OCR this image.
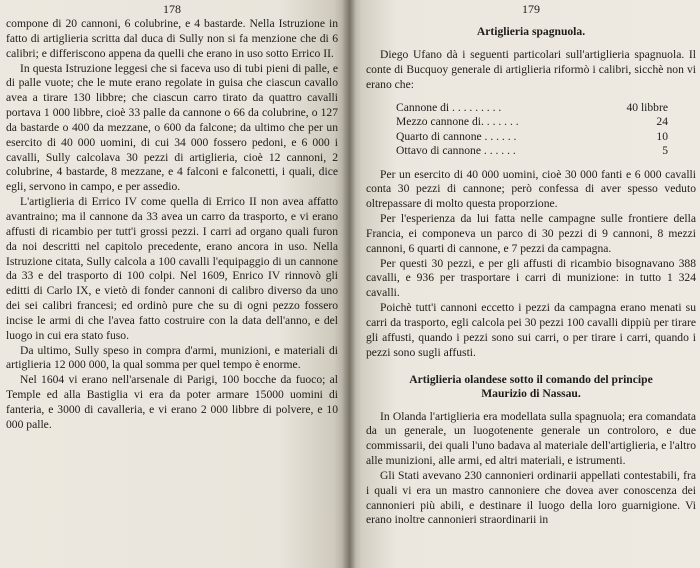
178

compone di 20 cannoni, 6 colubrine, e 4 bastarde. Nella Istruzione in fatto di artiglieria scritta dal duca di Sully non si fa menzione che di 6 calibri; e differiscono appena da quelli che erano in uso sotto Errico II.

In questa Istruzione leggesi che si faceva uso di tubi pieni di palle, e di palle vuote; che le mute erano regolate in guisa che ciascun cavallo avea a tirare 130 libbre; che ciascun carro tirato da quattro cavalli portava 1 000 libbre, cioè 33 palle da cannone o 66 da colubrine, o 127 da bastarde o 400 da mezzane, o 600 da falcone; da ultimo che per un esercito di 40 000 uomini, di cui 34 000 fossero pedoni, e 6 000 i cavalli, Sully calcolava 30 pezzi di artiglieria, cioè 12 cannoni, 2 colubrine, 4 bastarde, 8 mezzane, e 4 falconi e falconetti, i quali, dice egli, servono in campo, e per assedio.

L'artiglieria di Errico IV come quella di Errico II non avea affatto avantraino; ma il cannone da 33 avea un carro da trasporto, e vi erano affusti di ricambio per tutt'i grossi pezzi. I carri ad organo quali furon da noi descritti nel capitolo precedente, erano ancora in uso. Nella Istruzione citata, Sully calcola a 100 cavalli l'equipaggio di un cannone da 33 e del trasporto di 100 colpi. Nel 1609, Enrico IV rinnovò gli editti di Carlo IX, e vietò di fonder cannoni di calibro diverso da uno dei sei calibri francesi; ed ordinò pure che su di ogni pezzo fossero incise le armi di che l'avea fatto costruire con la data dell'anno, e del luogo in cui era stato fuso.

Da ultimo, Sully speso in compra d'armi, munizioni, e materiali di artiglieria 12 000 000, la qual somma per quel tempo è enorme.

Nel 1604 vi erano nell'arsenale di Parigi, 100 bocche da fuoco; al Temple ed alla Bastiglia vi era da poter armare 15000 uomini di fanteria, e 3000 di cavalleria, e vi erano 2 000 libbre di polvere, e 10 000 palle.

179
Artiglieria spagnuola.

Diego Ufano dà i seguenti particolari sull'artiglieria spagnuola. Il conte di Bucquoy generale di artiglieria riformò i calibri, sicchè non vi erano che:

Cannone di . . . . . . . . .	40 libbre
Mezzo cannone di. . . . . . .	24
Quarto di cannone . . . . . .	10
Ottavo di cannone . . . . . .	5

Per un esercito di 40 000 uomini, cioè 30 000 fanti e 6 000 cavalli conta 30 pezzi di cannone; però confessa di aver spesso veduto oltrepassare di molto questa proporzione.

Per l'esperienza da lui fatta nelle campagne sulle frontiere della Francia, ei componeva un parco di 30 pezzi di 9 cannoni, 8 mezzi cannoni, 6 quarti di cannone, e 7 pezzi da campagna.

Per questi 30 pezzi, e per gli affusti di ricambio bisognavano 388 cavalli, e 936 per trasportare i carri di munizione: in tutto 1 324 cavalli.

Poichè tutt'i cannoni eccetto i pezzi da campagna erano menati su carri da trasporto, egli calcola pei 30 pezzi 100 cavalli dippiù per tirare gli affusti, quando i pezzi sono sui carri, o per tirare i carri, quando i pezzi sono sugli affusti.

Artiglieria olandese sotto il comando del principe
Maurizio di Nassau.

In Olanda l'artiglieria era modellata sulla spagnuola; era comandata da un generale, un luogotenente generale un controloro, e due commissarii, dei quali l'uno badava al materiale dell'artiglieria, e l'altro alle munizioni, alle armi, ed altri materiali, e istrumenti.

Gli Stati avevano 230 cannonieri ordinarii appellati contestabili, fra i quali vi era un mastro cannoniere che dovea aver conoscenza dei cannonieri più abili, e destinare il luogo della loro guarnigione. Vi erano inoltre cannonieri straordinarii in
